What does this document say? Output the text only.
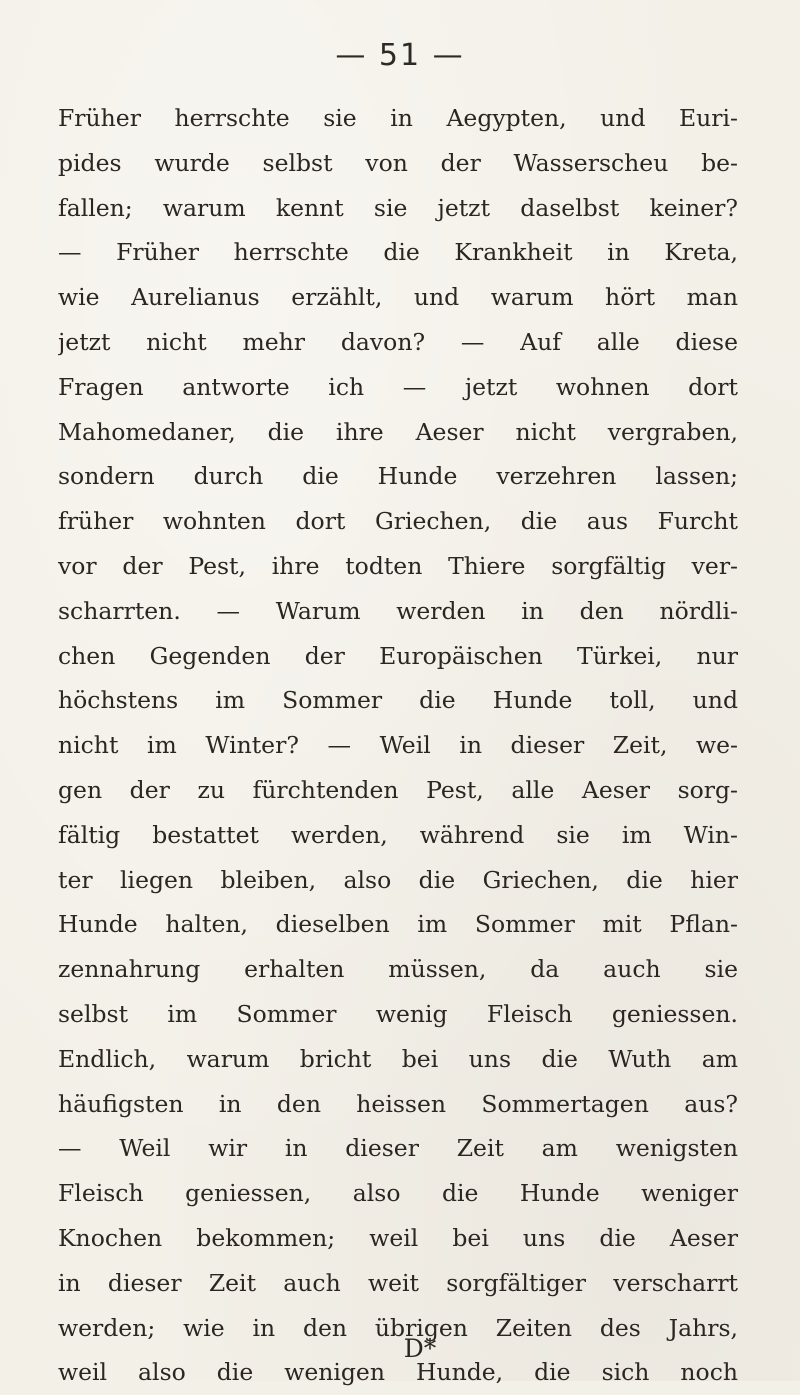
— 51 —
Früher herrschte sie in Aegypten, und Euri-
pides wurde selbst von der Wasserscheu be-
fallen; warum kennt sie jetzt daselbst keiner?
— Früher herrschte die Krankheit in Kreta,
wie Aurelianus erzählt, und warum hört man
jetzt nicht mehr davon? — Auf alle diese
Fragen antworte ich — jetzt wohnen dort
Mahomedaner, die ihre Aeser nicht vergraben,
sondern durch die Hunde verzehren lassen;
früher wohnten dort Griechen, die aus Furcht
vor der Pest, ihre todten Thiere sorgfältig ver-
scharrten. — Warum werden in den nördli-
chen Gegenden der Europäischen Türkei, nur
höchstens im Sommer die Hunde toll, und
nicht im Winter? — Weil in dieser Zeit, we-
gen der zu fürchtenden Pest, alle Aeser sorg-
fältig bestattet werden, während sie im Win-
ter liegen bleiben, also die Griechen, die hier
Hunde halten, dieselben im Sommer mit Pflan-
zennahrung erhalten müssen, da auch sie
selbst im Sommer wenig Fleisch geniessen.
Endlich, warum bricht bei uns die Wuth am
häufigsten in den heissen Sommertagen aus?
— Weil wir in dieser Zeit am wenigsten
Fleisch geniessen, also die Hunde weniger
Knochen bekommen; weil bei uns die Aeser
in dieser Zeit auch weit sorgfältiger verscharrt
werden; wie in den übrigen Zeiten des Jahrs,
weil also die wenigen Hunde, die sich noch
D*
